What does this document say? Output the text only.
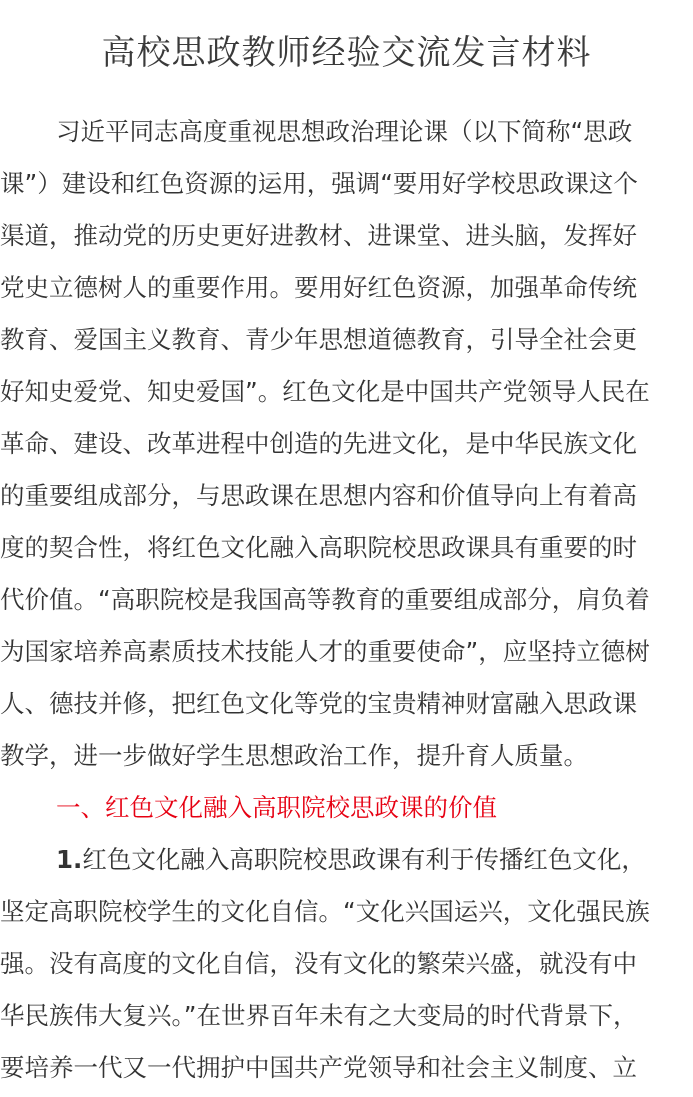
高校思政教师经验交流发言材料
习近平同志高度重视思想政治理论课（以下简称“思政
课”）建设和红色资源的运用，强调“要用好学校思政课这个
渠道，推动党的历史更好进教材、进课堂、进头脑，发挥好
党史立德树人的重要作用。要用好红色资源，加强革命传统
教育、爱国主义教育、青少年思想道德教育，引导全社会更
好知史爱党、知史爱国”。红色文化是中国共产党领导人民在
革命、建设、改革进程中创造的先进文化，是中华民族文化
的重要组成部分，与思政课在思想内容和价值导向上有着高
度的契合性，将红色文化融入高职院校思政课具有重要的时
代价值。“高职院校是我国高等教育的重要组成部分，肩负着
为国家培养高素质技术技能人才的重要使命”，应坚持立德树
人、德技并修，把红色文化等党的宝贵精神财富融入思政课
教学，进一步做好学生思想政治工作，提升育人质量。
一、红色文化融入高职院校思政课的价值
1.红色文化融入高职院校思政课有利于传播红色文化，
坚定高职院校学生的文化自信。“文化兴国运兴，文化强民族
强。没有高度的文化自信，没有文化的繁荣兴盛，就没有中
华民族伟大复兴。”在世界百年未有之大变局的时代背景下，
要培养一代又一代拥护中国共产党领导和社会主义制度、立
